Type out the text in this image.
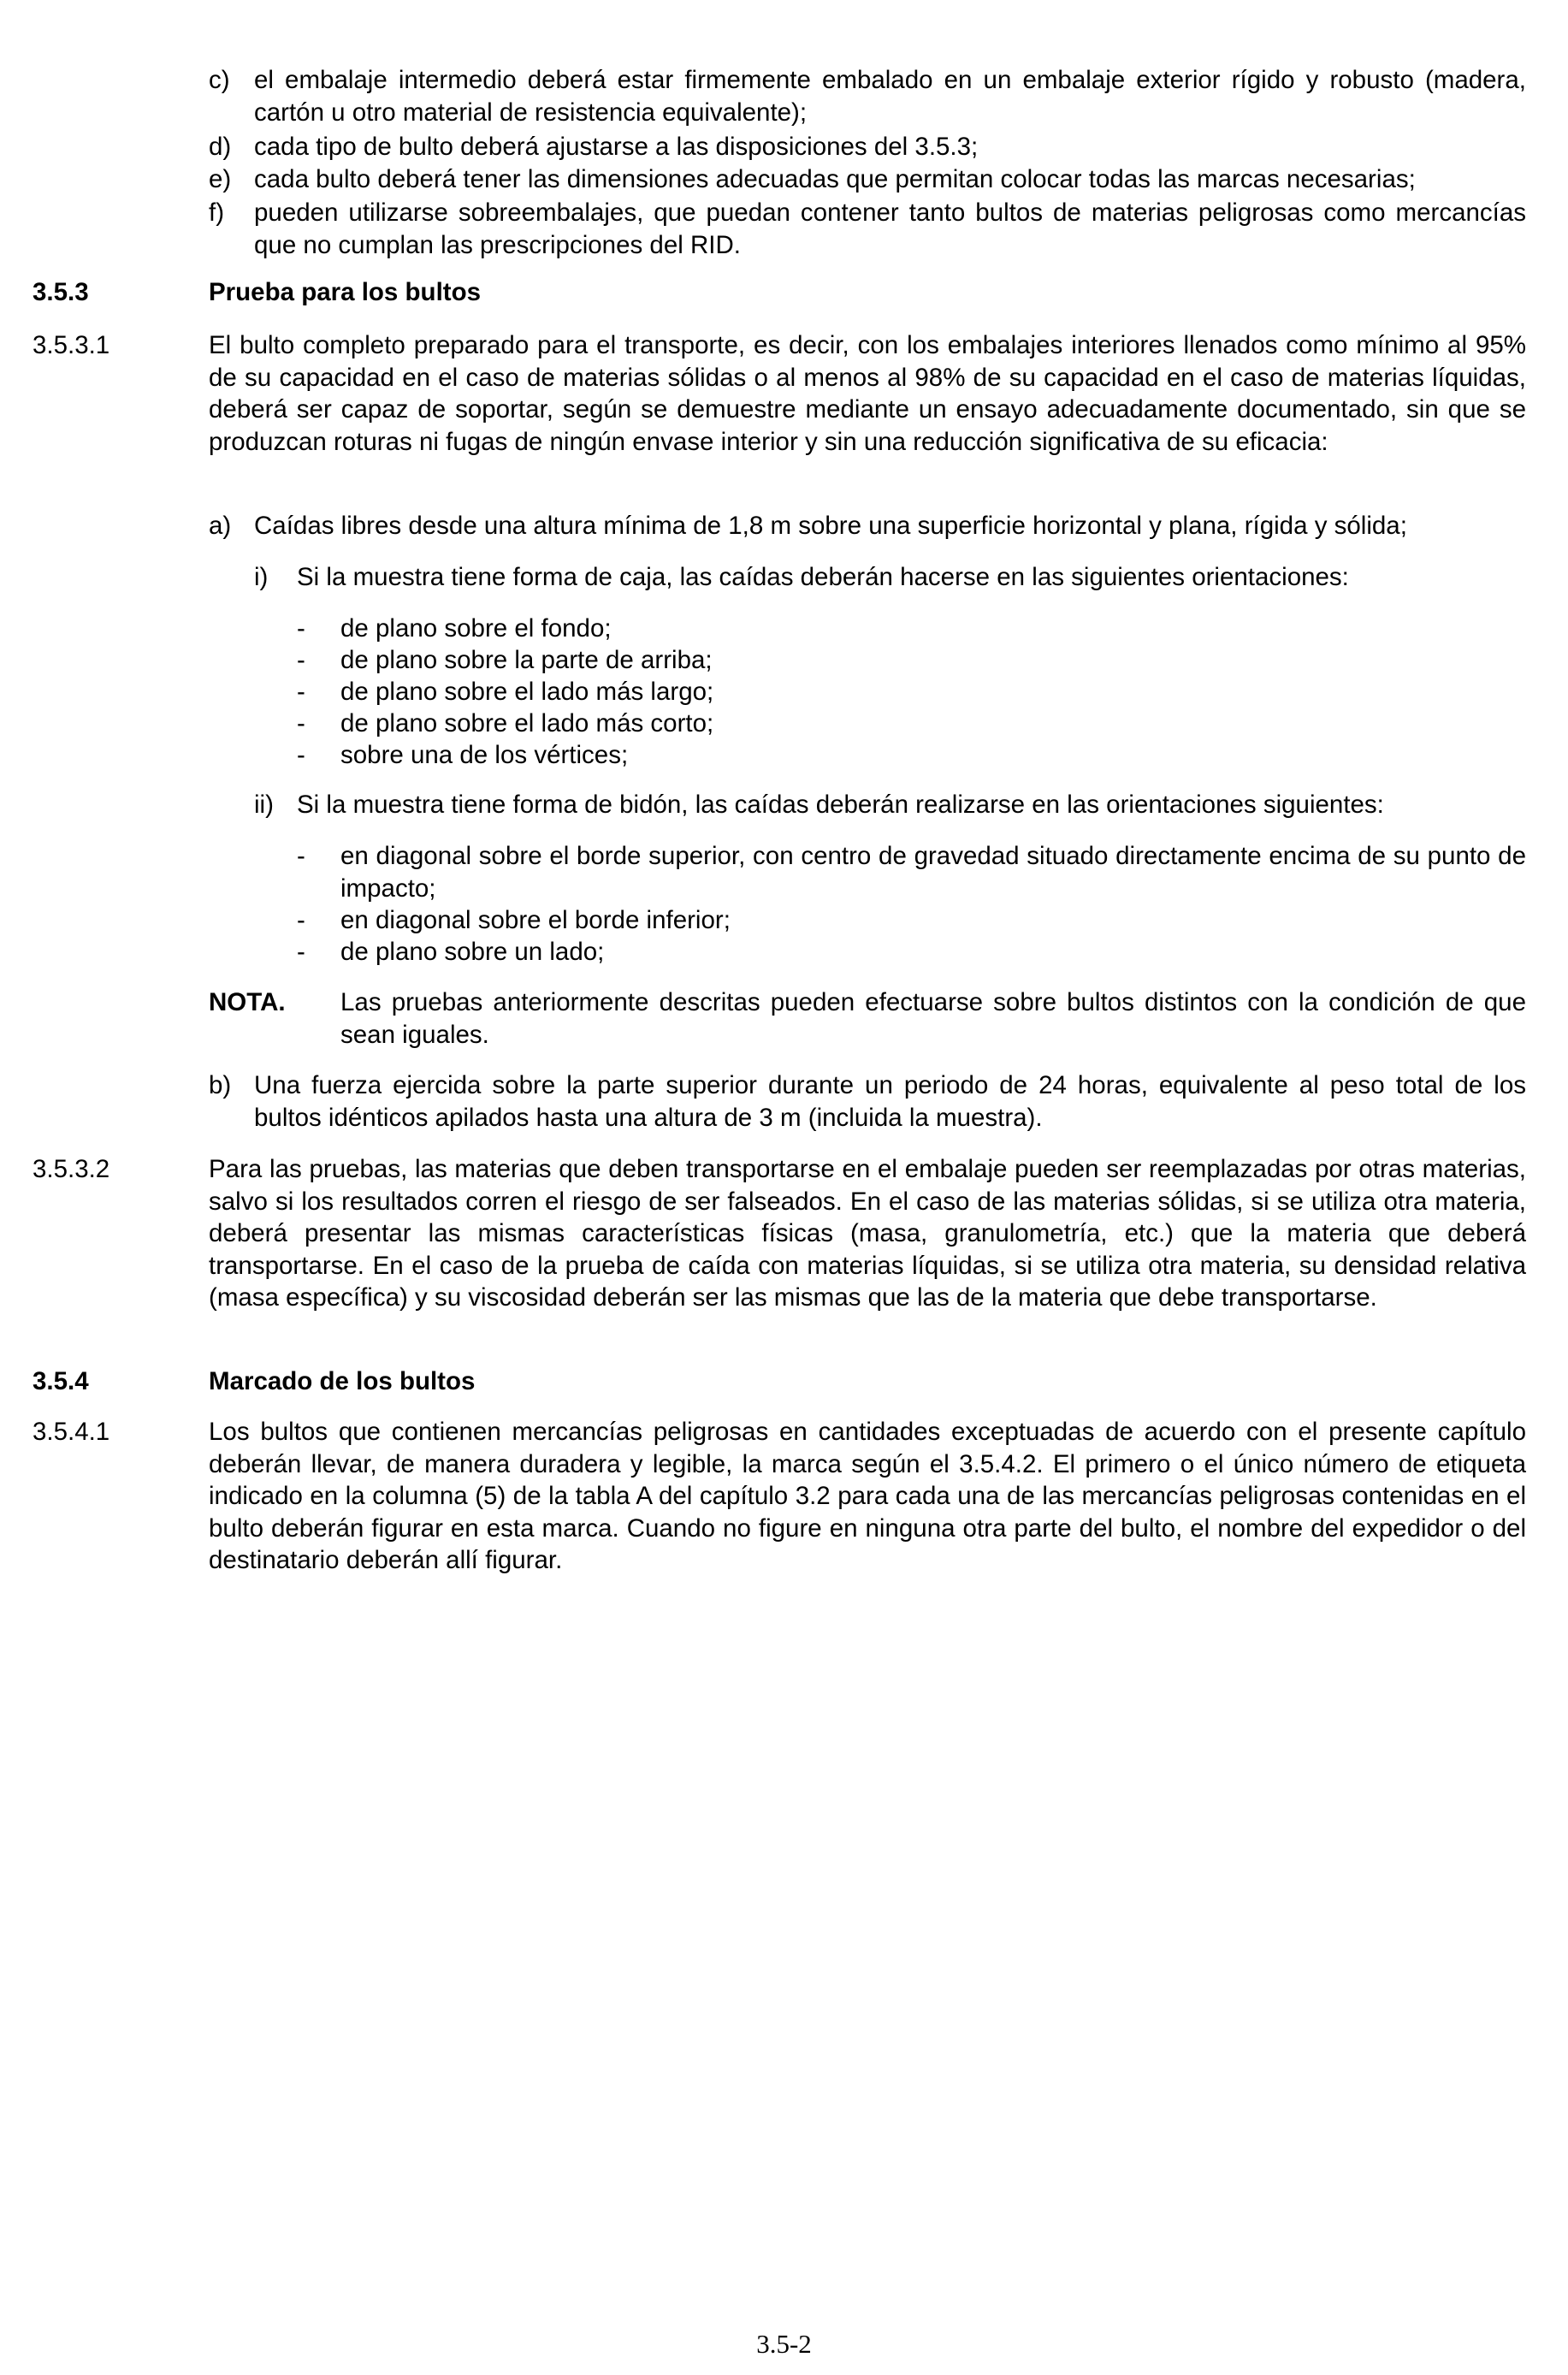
c) el embalaje intermedio deberá estar firmemente embalado en un embalaje exterior rígido y robusto (madera, cartón u otro material de resistencia equivalente);

d) cada tipo de bulto deberá ajustarse a las disposiciones del 3.5.3;

e) cada bulto deberá tener las dimensiones adecuadas que permitan colocar todas las marcas necesarias;

f) pueden utilizarse sobreembalajes, que puedan contener tanto bultos de materias peligrosas como mercancías que no cumplan las prescripciones del RID.

3.5.3	Prueba para los bultos
3.5.3.1	El bulto completo preparado para el transporte, es decir, con los embalajes interiores llenados como mínimo al 95% de su capacidad en el caso de materias sólidas o al menos al 98% de su capacidad en el caso de materias líquidas, deberá ser capaz de soportar, según se demuestre mediante un ensayo adecuadamente documentado, sin que se produzcan roturas ni fugas de ningún envase interior y sin una reducción significativa de su eficacia:

a) Caídas libres desde una altura mínima de 1,8 m sobre una superficie horizontal y plana, rígida y sólida;

i) Si la muestra tiene forma de caja, las caídas deberán hacerse en las siguientes orientaciones:

- de plano sobre el fondo;

- de plano sobre la parte de arriba;

- de plano sobre el lado más largo;

- de plano sobre el lado más corto;

- sobre una de los vértices;

ii) Si la muestra tiene forma de bidón, las caídas deberán realizarse en las orientaciones siguientes:

- en diagonal sobre el borde superior, con centro de gravedad situado directamente encima de su punto de impacto;

- en diagonal sobre el borde inferior;

- de plano sobre un lado;

NOTA. Las pruebas anteriormente descritas pueden efectuarse sobre bultos distintos con la condición de que sean iguales.

b) Una fuerza ejercida sobre la parte superior durante un periodo de 24 horas, equivalente al peso total de los bultos idénticos apilados hasta una altura de 3 m (incluida la muestra).

3.5.3.2	Para las pruebas, las materias que deben transportarse en el embalaje pueden ser reemplazadas por otras materias, salvo si los resultados corren el riesgo de ser falseados. En el caso de las materias sólidas, si se utiliza otra materia, deberá presentar las mismas características físicas (masa, granulometría, etc.) que la materia que deberá transportarse. En el caso de la prueba de caída con materias líquidas, si se utiliza otra materia, su densidad relativa (masa específica) y su viscosidad deberán ser las mismas que las de la materia que debe transportarse.

3.5.4	Marcado de los bultos
3.5.4.1	Los bultos que contienen mercancías peligrosas en cantidades exceptuadas de acuerdo con el presente capítulo deberán llevar, de manera duradera y legible, la marca según el 3.5.4.2. El primero o el único número de etiqueta indicado en la columna (5) de la tabla A del capítulo 3.2 para cada una de las mercancías peligrosas contenidas en el bulto deberán figurar en esta marca. Cuando no figure en ninguna otra parte del bulto, el nombre del expedidor o del destinatario deberán allí figurar.

3.5-2
